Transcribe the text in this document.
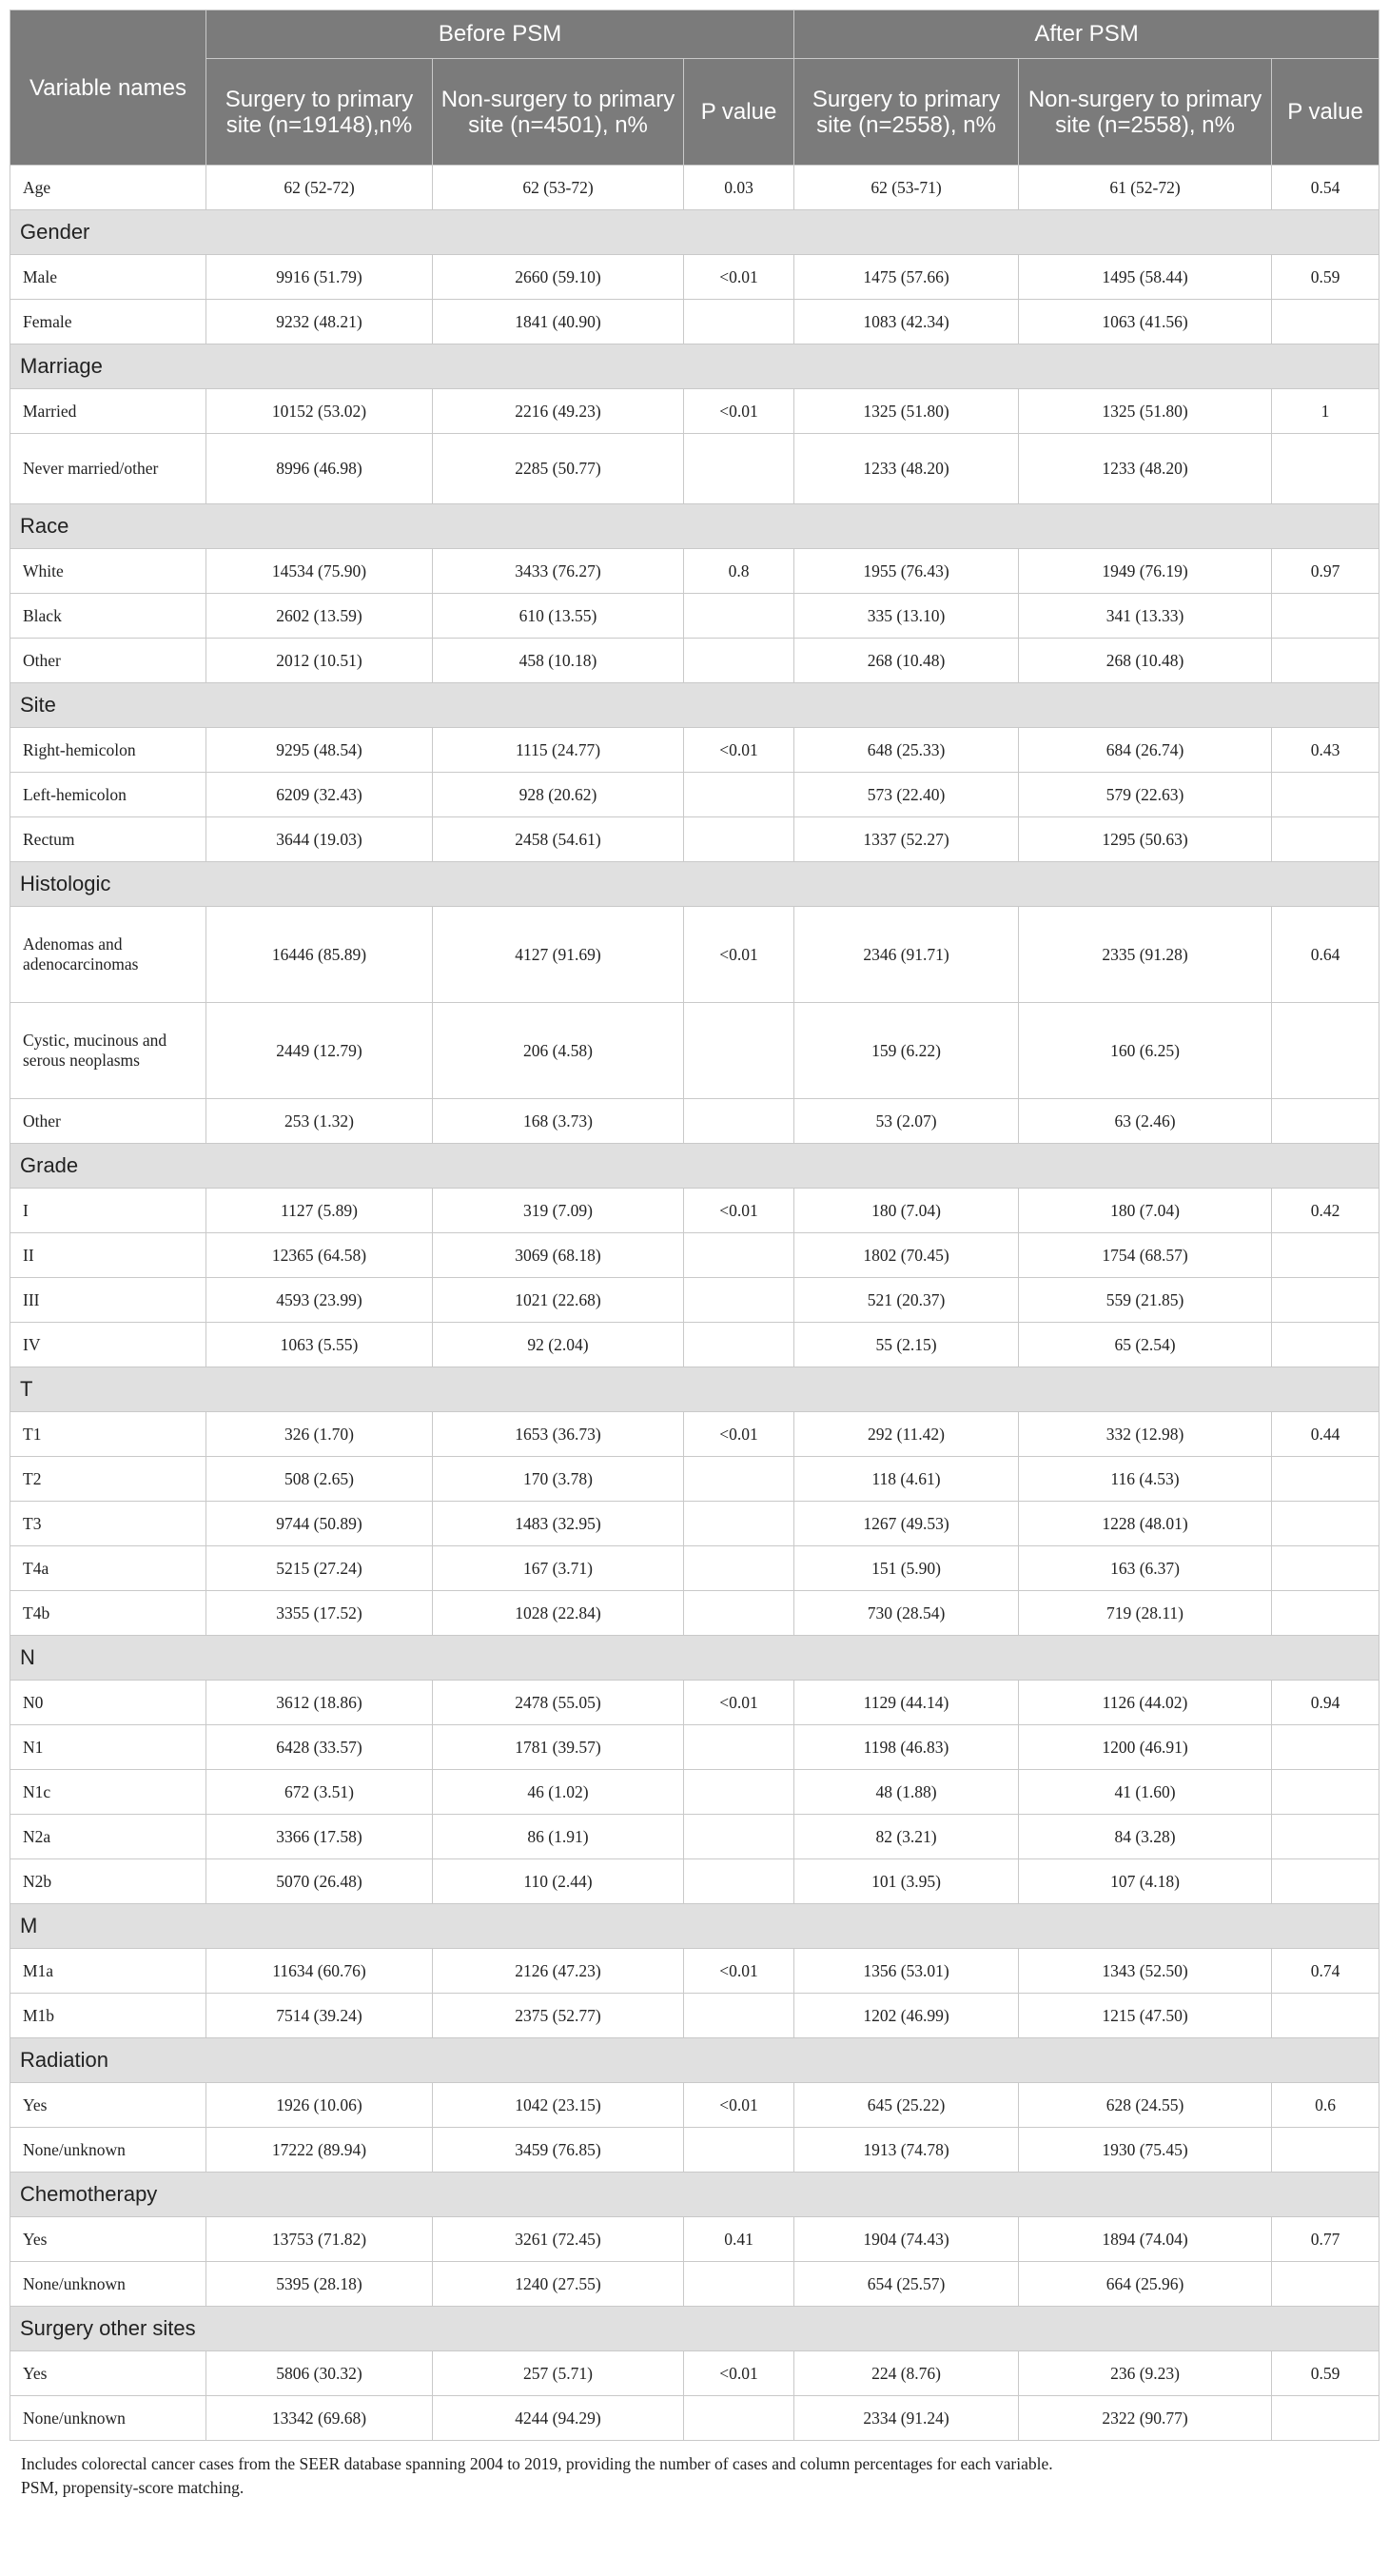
Variable names	Before PSM			After PSM		
	Surgery to primary site (n=19148),n%	Non-surgery to primary site (n=4501), n%	P value	Surgery to primary site (n=2558), n%	Non-surgery to primary site (n=2558), n%	P value
Age	62 (52-72)	62 (53-72)	0.03	62 (53-71)	61 (52-72)	0.54
Gender						
Male	9916 (51.79)	2660 (59.10)	<0.01	1475 (57.66)	1495 (58.44)	0.59
Female	9232 (48.21)	1841 (40.90)		1083 (42.34)	1063 (41.56)	
Marriage						
Married	10152 (53.02)	2216 (49.23)	<0.01	1325 (51.80)	1325 (51.80)	1
Never married/other	8996 (46.98)	2285 (50.77)		1233 (48.20)	1233 (48.20)	
Race						
White	14534 (75.90)	3433 (76.27)	0.8	1955 (76.43)	1949 (76.19)	0.97
Black	2602 (13.59)	610 (13.55)		335 (13.10)	341 (13.33)	
Other	2012 (10.51)	458 (10.18)		268 (10.48)	268 (10.48)	
Site						
Right-hemicolon	9295 (48.54)	1115 (24.77)	<0.01	648 (25.33)	684 (26.74)	0.43
Left-hemicolon	6209 (32.43)	928 (20.62)		573 (22.40)	579 (22.63)	
Rectum	3644 (19.03)	2458 (54.61)		1337 (52.27)	1295 (50.63)	
Histologic						
Adenomas and adenocarcinomas	16446 (85.89)	4127 (91.69)	<0.01	2346 (91.71)	2335 (91.28)	0.64
Cystic, mucinous and serous neoplasms	2449 (12.79)	206 (4.58)		159 (6.22)	160 (6.25)	
Other	253 (1.32)	168 (3.73)		53 (2.07)	63 (2.46)	
Grade						
I	1127 (5.89)	319 (7.09)	<0.01	180 (7.04)	180 (7.04)	0.42
II	12365 (64.58)	3069 (68.18)		1802 (70.45)	1754 (68.57)	
III	4593 (23.99)	1021 (22.68)		521 (20.37)	559 (21.85)	
IV	1063 (5.55)	92 (2.04)		55 (2.15)	65 (2.54)	
T						
T1	326 (1.70)	1653 (36.73)	<0.01	292 (11.42)	332 (12.98)	0.44
T2	508 (2.65)	170 (3.78)		118 (4.61)	116 (4.53)	
T3	9744 (50.89)	1483 (32.95)		1267 (49.53)	1228 (48.01)	
T4a	5215 (27.24)	167 (3.71)		151 (5.90)	163 (6.37)	
T4b	3355 (17.52)	1028 (22.84)		730 (28.54)	719 (28.11)	
N						
N0	3612 (18.86)	2478 (55.05)	<0.01	1129 (44.14)	1126 (44.02)	0.94
N1	6428 (33.57)	1781 (39.57)		1198 (46.83)	1200 (46.91)	
N1c	672 (3.51)	46 (1.02)		48 (1.88)	41 (1.60)	
N2a	3366 (17.58)	86 (1.91)		82 (3.21)	84 (3.28)	
N2b	5070 (26.48)	110 (2.44)		101 (3.95)	107 (4.18)	
M						
M1a	11634 (60.76)	2126 (47.23)	<0.01	1356 (53.01)	1343 (52.50)	0.74
M1b	7514 (39.24)	2375 (52.77)		1202 (46.99)	1215 (47.50)	
Radiation						
Yes	1926 (10.06)	1042 (23.15)	<0.01	645 (25.22)	628 (24.55)	0.6
None/unknown	17222 (89.94)	3459 (76.85)		1913 (74.78)	1930 (75.45)	
Chemotherapy						
Yes	13753 (71.82)	3261 (72.45)	0.41	1904 (74.43)	1894 (74.04)	0.77
None/unknown	5395 (28.18)	1240 (27.55)		654 (25.57)	664 (25.96)	
Surgery other sites						
Yes	5806 (30.32)	257 (5.71)	<0.01	224 (8.76)	236 (9.23)	0.59
None/unknown	13342 (69.68)	4244 (94.29)		2334 (91.24)	2322 (90.77)	
Includes colorectal cancer cases from the SEER database spanning 2004 to 2019, providing the number of cases and column percentages for each variable.
PSM, propensity-score matching.
